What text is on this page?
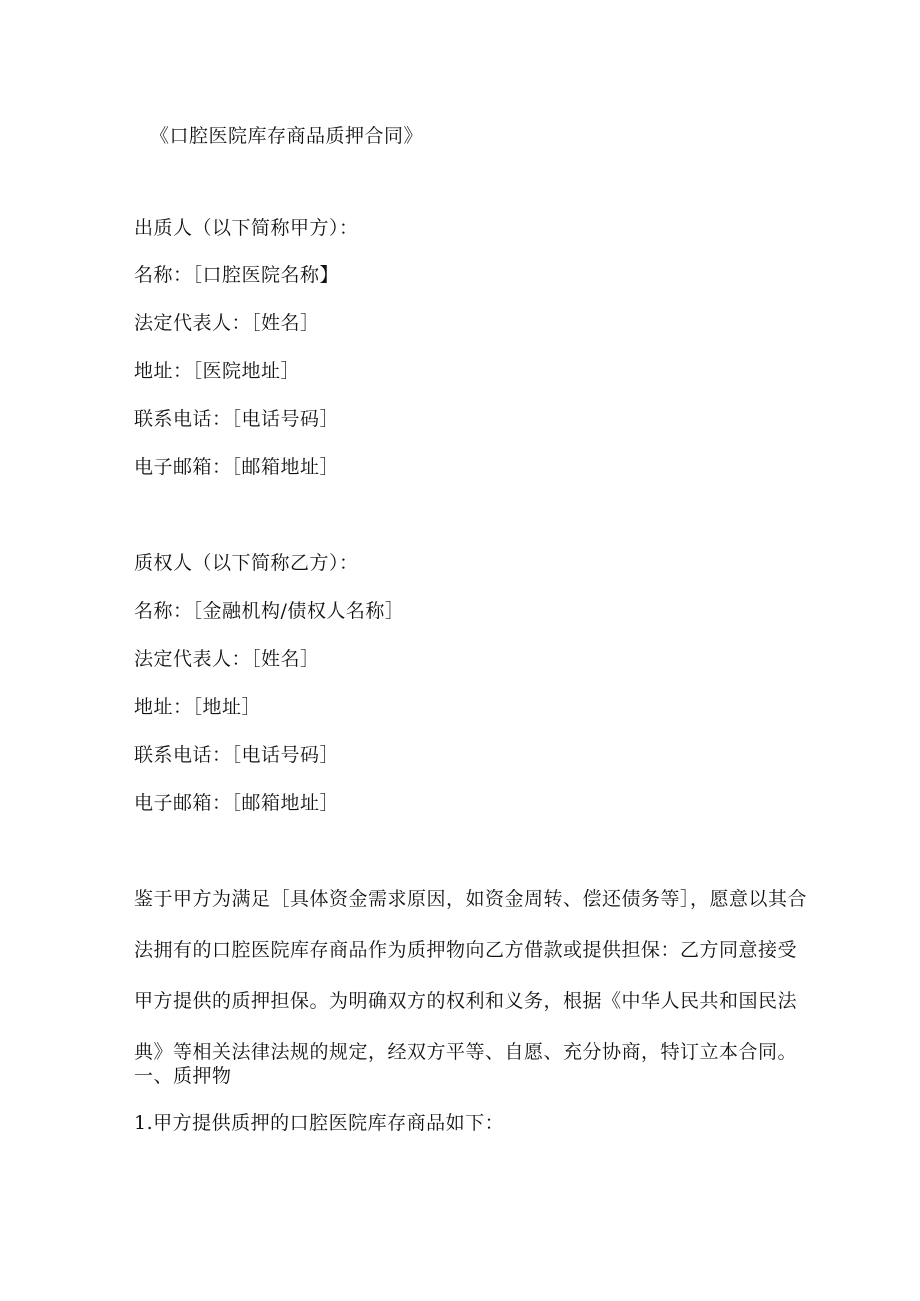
《口腔医院库存商品质押合同》
出质人（以下简称甲方）：
名称：［口腔医院名称】
法定代表人：［姓名］
地址：［医院地址］
联系电话：［电话号码］
电子邮箱：［邮箱地址］
质权人（以下简称乙方）：
名称：［金融机构/债权人名称］
法定代表人：［姓名］
地址：［地址］
联系电话：［电话号码］
电子邮箱：［邮箱地址］
鉴于甲方为满足［具体资金需求原因，如资金周转、偿还债务等］，愿意以其合
法拥有的口腔医院库存商品作为质押物向乙方借款或提供担保：乙方同意接受
甲方提供的质押担保。为明确双方的权利和义务，根据《中华人民共和国民法
典》等相关法律法规的规定，经双方平等、自愿、充分协商，特订立本合同。
一、质押物
1.甲方提供质押的口腔医院库存商品如下：
